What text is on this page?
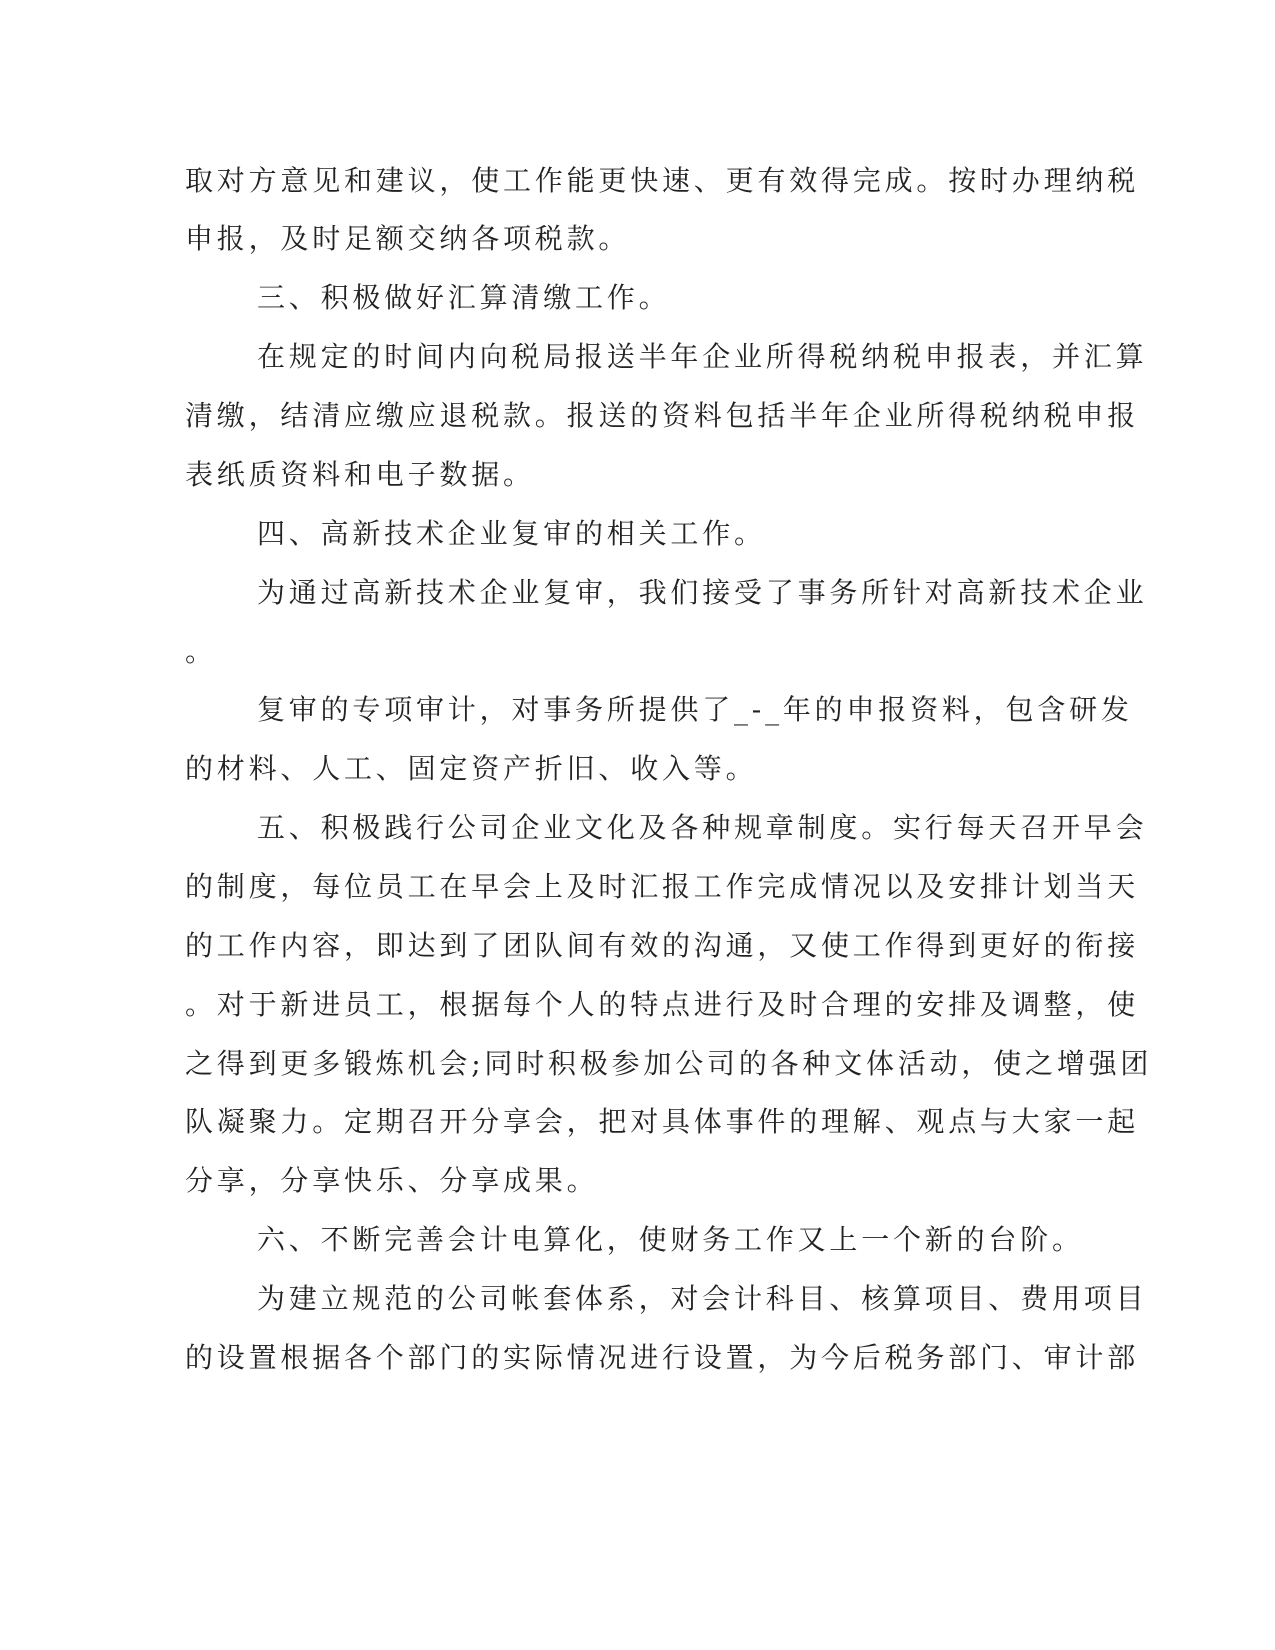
取对方意见和建议，使工作能更快速、更有效得完成。按时办理纳税
申报，及时足额交纳各项税款。
三、积极做好汇算清缴工作。
在规定的时间内向税局报送半年企业所得税纳税申报表，并汇算
清缴，结清应缴应退税款。报送的资料包括半年企业所得税纳税申报
表纸质资料和电子数据。
四、高新技术企业复审的相关工作。
为通过高新技术企业复审，我们接受了事务所针对高新技术企业
。
复审的专项审计，对事务所提供了_-_年的申报资料，包含研发
的材料、人工、固定资产折旧、收入等。
五、积极践行公司企业文化及各种规章制度。实行每天召开早会
的制度，每位员工在早会上及时汇报工作完成情况以及安排计划当天
的工作内容，即达到了团队间有效的沟通，又使工作得到更好的衔接
。对于新进员工，根据每个人的特点进行及时合理的安排及调整，使
之得到更多锻炼机会;同时积极参加公司的各种文体活动，使之增强团
队凝聚力。定期召开分享会，把对具体事件的理解、观点与大家一起
分享，分享快乐、分享成果。
六、不断完善会计电算化，使财务工作又上一个新的台阶。
为建立规范的公司帐套体系，对会计科目、核算项目、费用项目
的设置根据各个部门的实际情况进行设置，为今后税务部门、审计部
